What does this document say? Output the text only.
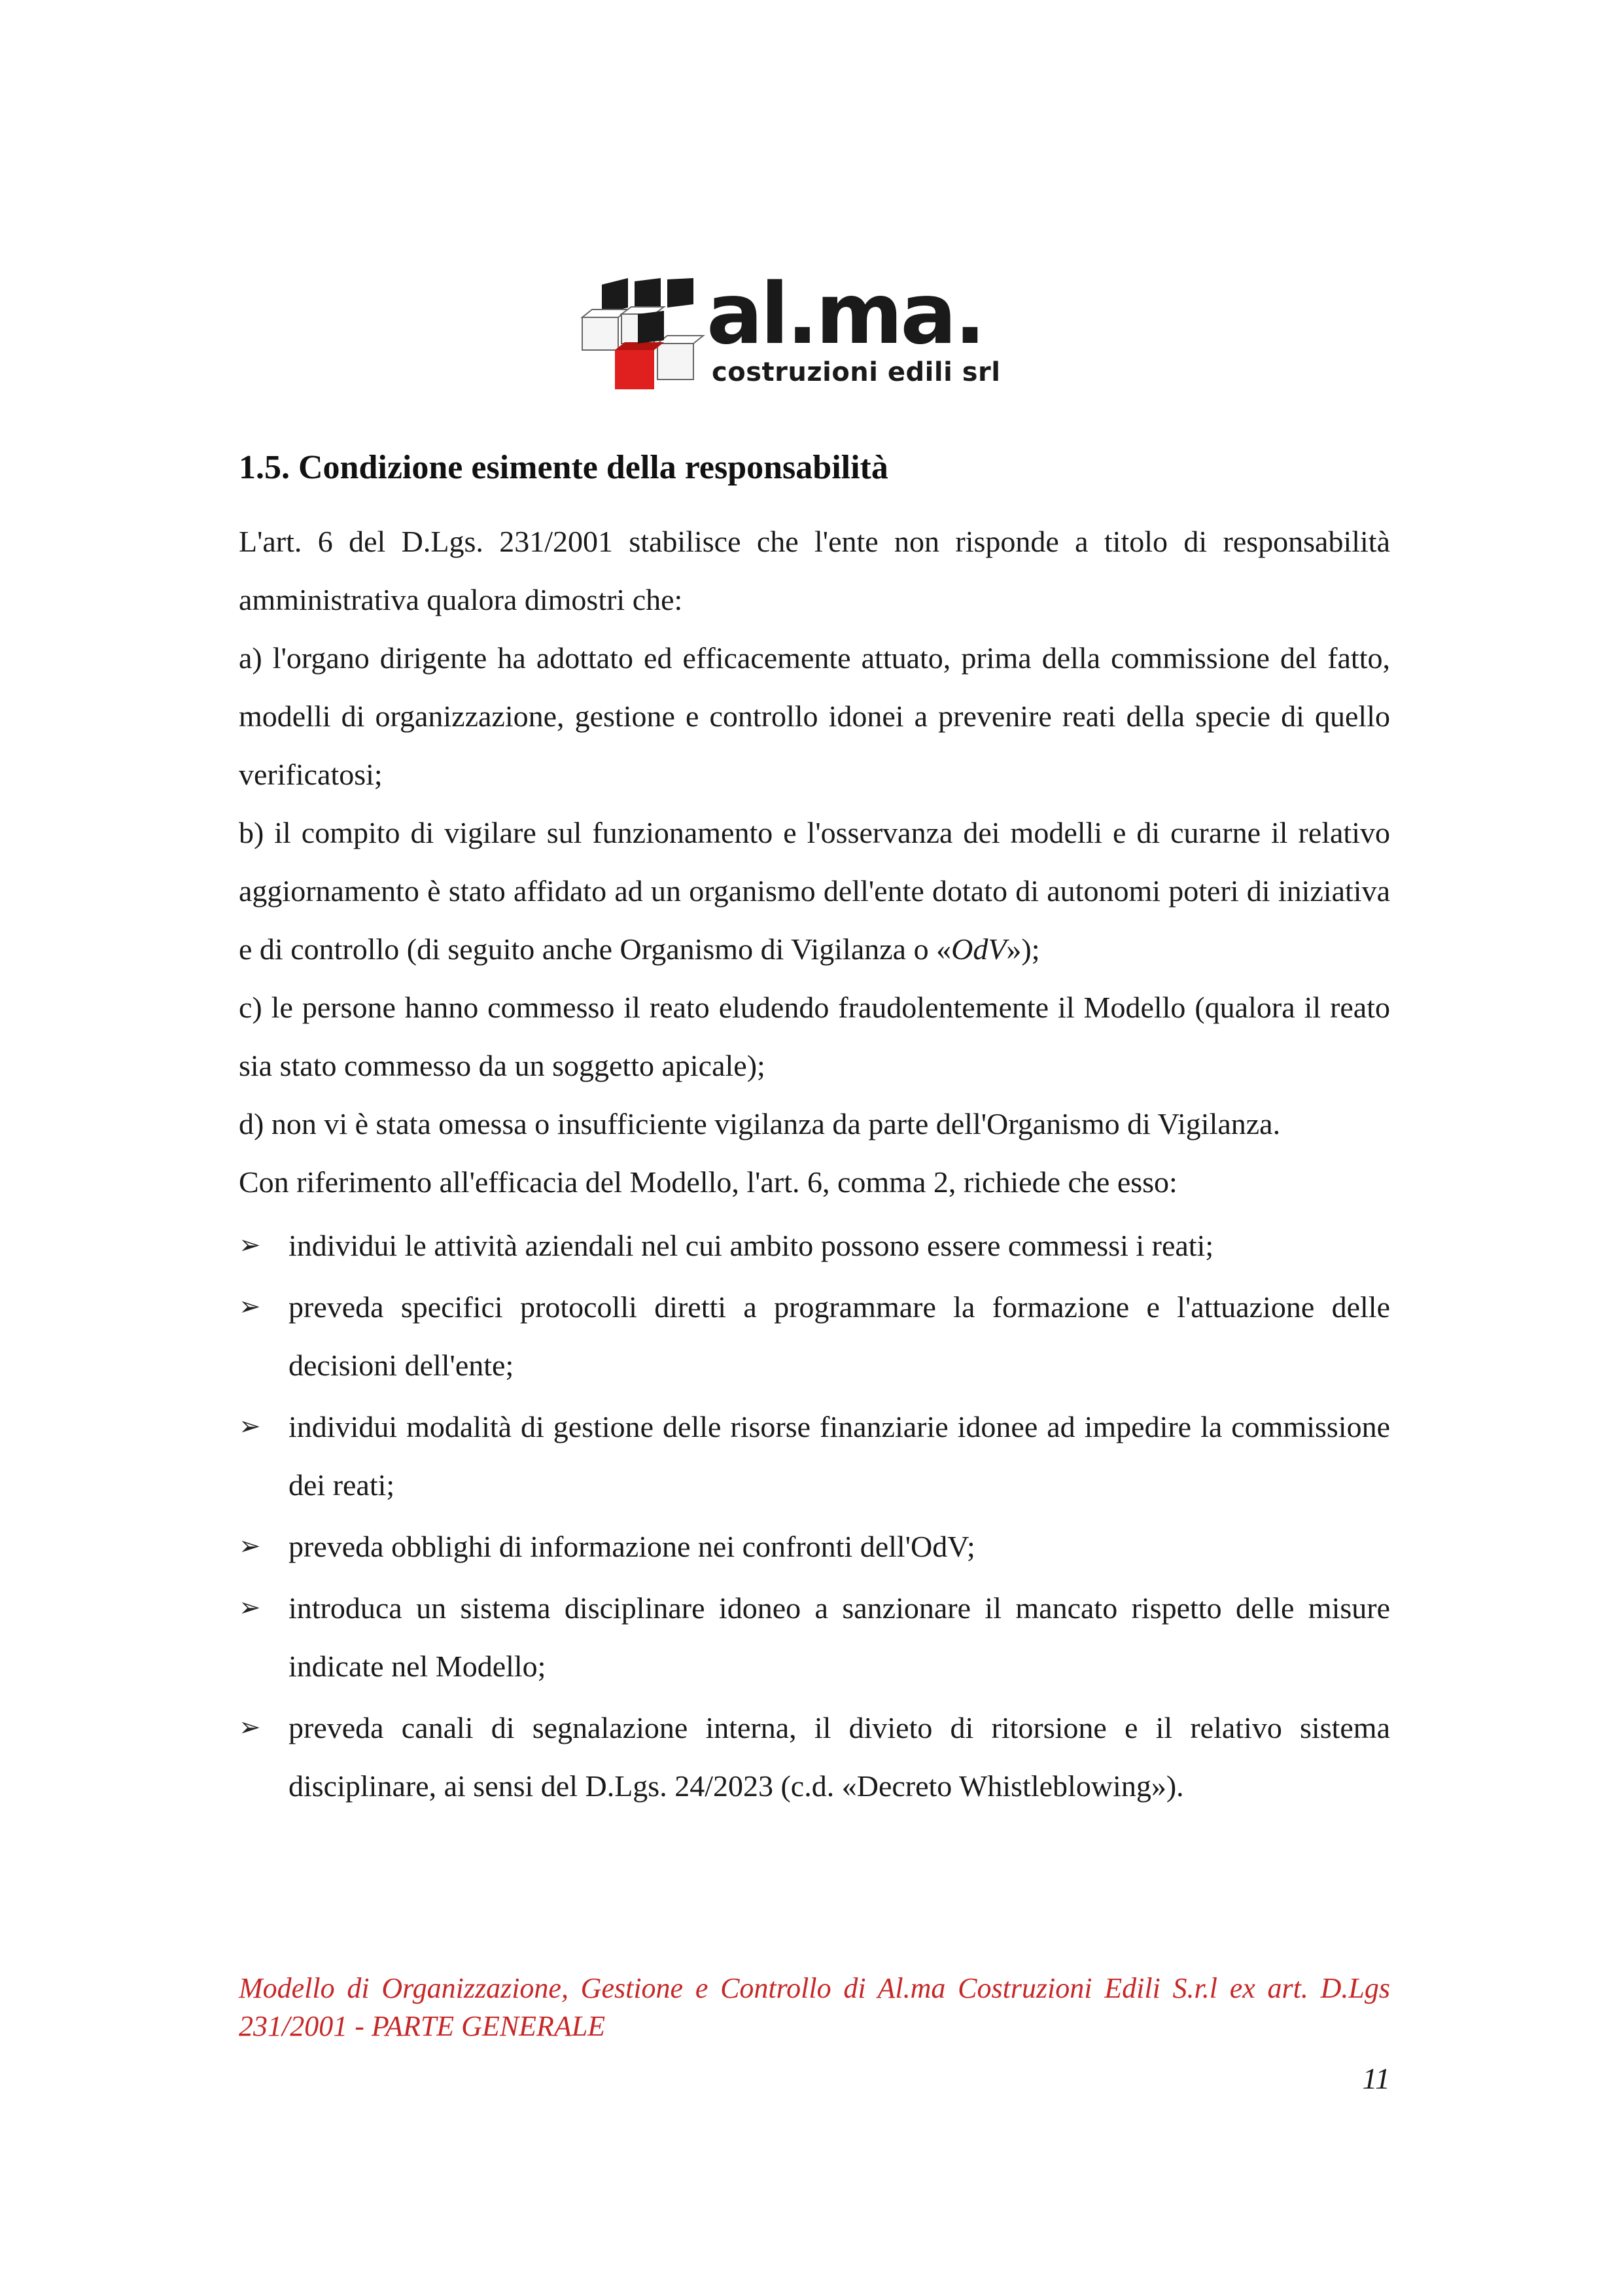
al.ma.
costruzioni edili srl
1.5. Condizione esimente della responsabilità

L'art. 6 del D.Lgs. 231/2001 stabilisce che l'ente non risponde a titolo di responsabilità amministrativa qualora dimostri che:

a) l'organo dirigente ha adottato ed efficacemente attuato, prima della commissione del fatto, modelli di organizzazione, gestione e controllo idonei a prevenire reati della specie di quello verificatosi;

b) il compito di vigilare sul funzionamento e l'osservanza dei modelli e di curarne il relativo aggiornamento è stato affidato ad un organismo dell'ente dotato di autonomi poteri di iniziativa e di controllo (di seguito anche Organismo di Vigilanza o «OdV»);

c) le persone hanno commesso il reato eludendo fraudolentemente il Modello (qualora il reato sia stato commesso da un soggetto apicale);

d) non vi è stata omessa o insufficiente vigilanza da parte dell'Organismo di Vigilanza.

Con riferimento all'efficacia del Modello, l'art. 6, comma 2, richiede che esso:

➢ individui le attività aziendali nel cui ambito possono essere commessi i reati;
➢ preveda specifici protocolli diretti a programmare la formazione e l'attuazione delle decisioni dell'ente;
➢ individui modalità di gestione delle risorse finanziarie idonee ad impedire la commissione dei reati;
➢ preveda obblighi di informazione nei confronti dell'OdV;
➢ introduca un sistema disciplinare idoneo a sanzionare il mancato rispetto delle misure indicate nel Modello;
➢ preveda canali di segnalazione interna, il divieto di ritorsione e il relativo sistema disciplinare, ai sensi del D.Lgs. 24/2023 (c.d. «Decreto Whistleblowing»).
Modello di Organizzazione, Gestione e Controllo di Al.ma Costruzioni Edili S.r.l ex art. D.Lgs 231/2001 - PARTE GENERALE
11
